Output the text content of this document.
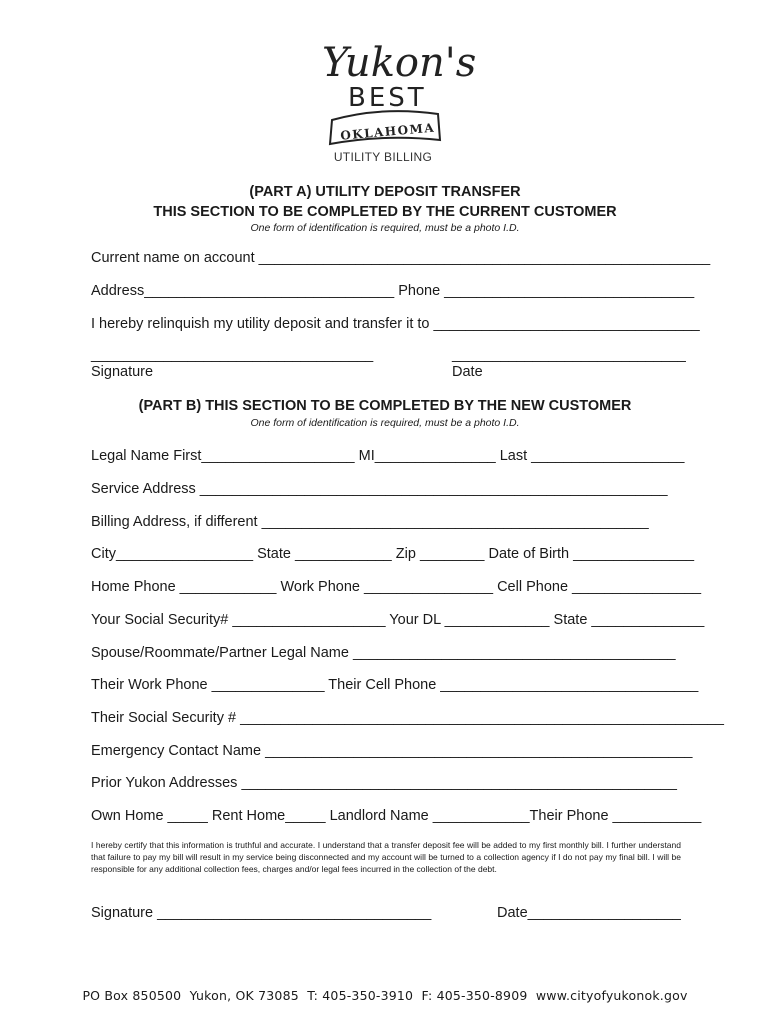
Yukon's
BEST
OKLAHOMA
UTILITY BILLING
(PART A) UTILITY DEPOSIT TRANSFER
THIS SECTION TO BE COMPLETED BY THE CURRENT CUSTOMER
One form of identification is required, must be a photo I.D.
Current name on account ________________________________________________________
Address_______________________________ Phone _______________________________
I hereby relinquish my utility deposit and transfer it to _________________________________
___________________________________	_____________________________
Signature	Date
(PART B) THIS SECTION TO BE COMPLETED BY THE NEW CUSTOMER
One form of identification is required, must be a photo I.D.
Legal Name First___________________ MI_______________ Last ___________________
Service Address __________________________________________________________
Billing Address, if different ________________________________________________
City_________________ State ____________ Zip ________ Date of Birth _______________
Home Phone ____________ Work Phone ________________ Cell Phone ________________
Your Social Security# ___________________ Your DL _____________ State ______________
Spouse/Roommate/Partner Legal Name ________________________________________
Their Work Phone ______________ Their Cell Phone ________________________________
Their Social Security # ____________________________________________________________
Emergency Contact Name _____________________________________________________
Prior Yukon Addresses ______________________________________________________
Own Home _____ Rent Home_____ Landlord Name ____________Their Phone ___________
I hereby certify that this information is truthful and accurate. I understand that a transfer deposit fee will be added to my first monthly bill. I further understand that failure to pay my bill will result in my service being disconnected and my account will be turned to a collection agency if I do not pay my final bill. I will be responsible for any additional collection fees, charges and/or legal fees incurred in the collection of the debt.
Signature __________________________________	Date___________________
PO Box 850500  Yukon, OK 73085  T: 405-350-3910  F: 405-350-8909  www.cityofyukonok.gov
